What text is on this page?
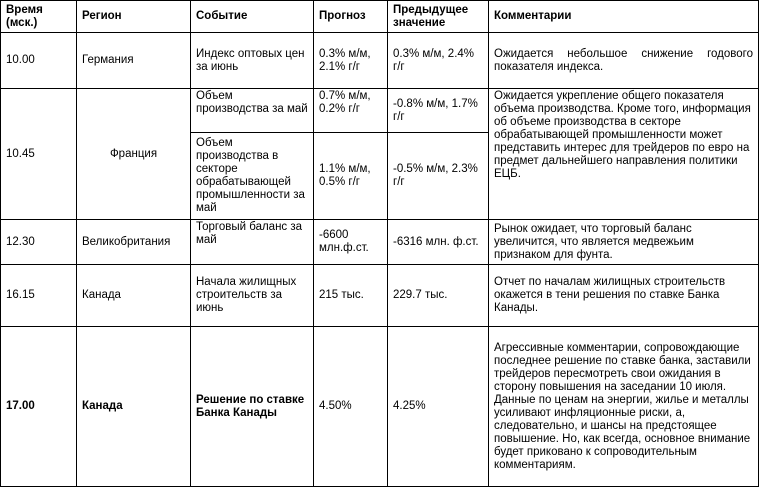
Время (мск.)	Регион	Событие	Прогноз	Предыдущее значение	Комментарии
10.00	Германия	Индекс оптовых цен за июнь	0.3% м/м, 2.1% г/г	0.3% м/м, 2.4% г/г	Ожидается небольшое снижение годового показателя индекса.
10.45	Франция	Объем производства за май	0.7% м/м, 0.2% г/г	-0.8% м/м, 1.7% г/г	Ожидается укрепление общего показателя объема производства. Кроме того, информация об объеме производства в секторе обрабатывающей промышленности может представить интерес для трейдеров по евро на предмет дальнейшего направления политики ЕЦБ.
		Объем производства в секторе обрабатывающей промышленности за май	1.1% м/м, 0.5% г/г	-0.5% м/м, 2.3% г/г	
12.30	Великобритания	Торговый баланс за май	-6600 млн.ф.ст.	-6316 млн. ф.ст.	Рынок ожидает, что торговый баланс увеличится, что является медвежьим признаком для фунта.
16.15	Канада	Начала жилищных строительств за июнь	215 тыс.	229.7 тыс.	Отчет по началам жилищных строительств окажется в тени решения по ставке Банка Канады.
17.00	Канада	Решение по ставке Банка Канады	4.50%	4.25%	Агрессивные комментарии, сопровождающие последнее решение по ставке банка, заставили трейдеров пересмотреть свои ожидания в сторону повышения на заседании 10 июля. Данные по ценам на энергии, жилье и металлы усиливают инфляционные риски, а, следовательно, и шансы на предстоящее повышение. Но, как всегда, основное внимание будет приковано к сопроводительным комментариям.
